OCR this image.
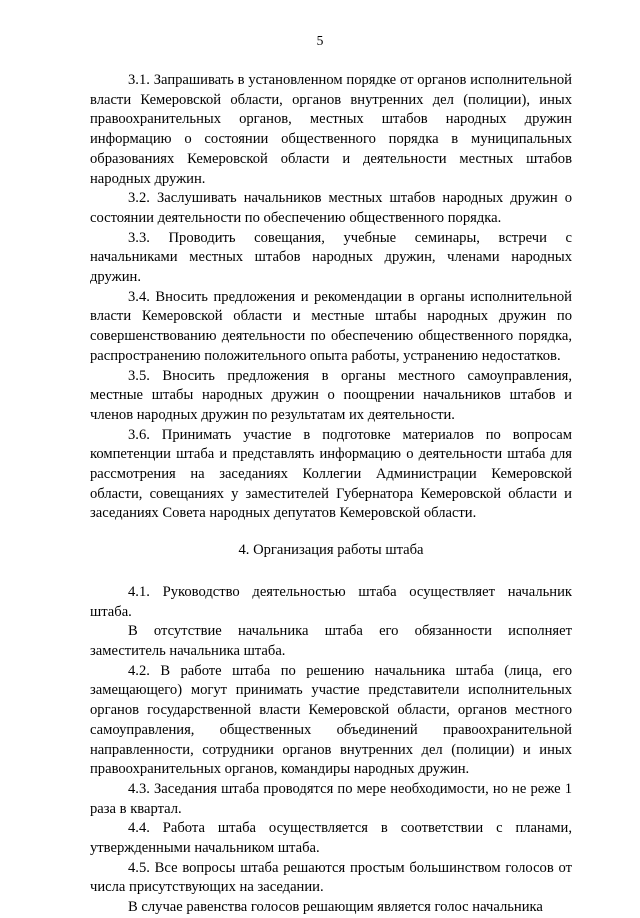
5

3.1. Запрашивать в установленном порядке от органов исполнительной власти Кемеровской области, органов внутренних дел (полиции), иных правоохранительных органов, местных штабов народных дружин информацию о состоянии общественного порядка в муниципальных образованиях Кемеровской области и деятельности местных штабов народных дружин.

3.2. Заслушивать начальников местных штабов народных дружин о состоянии деятельности по обеспечению общественного порядка.

3.3. Проводить совещания, учебные семинары, встречи с начальниками местных штабов народных дружин, членами народных дружин.

3.4. Вносить предложения и рекомендации в органы исполнительной власти Кемеровской области и местные штабы народных дружин по совершенствованию деятельности по обеспечению общественного порядка, распространению положительного опыта работы, устранению недостатков.

3.5. Вносить предложения в органы местного самоуправления, местные штабы народных дружин о поощрении начальников штабов и членов народных дружин по результатам их деятельности.

3.6. Принимать участие в подготовке материалов по вопросам компетенции штаба и представлять информацию о деятельности штаба для рассмотрения на заседаниях Коллегии Администрации Кемеровской области, совещаниях у заместителей Губернатора Кемеровской области и заседаниях Совета народных депутатов Кемеровской области.

4. Организация работы штаба

4.1. Руководство деятельностью штаба осуществляет начальник штаба.

В отсутствие начальника штаба его обязанности исполняет заместитель начальника штаба.

4.2. В работе штаба по решению начальника штаба (лица, его замещающего) могут принимать участие представители исполнительных органов государственной власти Кемеровской области, органов местного самоуправления, общественных объединений правоохранительной направленности, сотрудники органов внутренних дел (полиции) и иных правоохранительных органов, командиры народных дружин.

4.3. Заседания штаба проводятся по мере необходимости, но не реже 1 раза в квартал.

4.4. Работа штаба осуществляется в соответствии с планами, утвержденными начальником штаба.

4.5. Все вопросы штаба решаются простым большинством голосов от числа присутствующих на заседании.

В случае равенства голосов решающим является голос начальника
